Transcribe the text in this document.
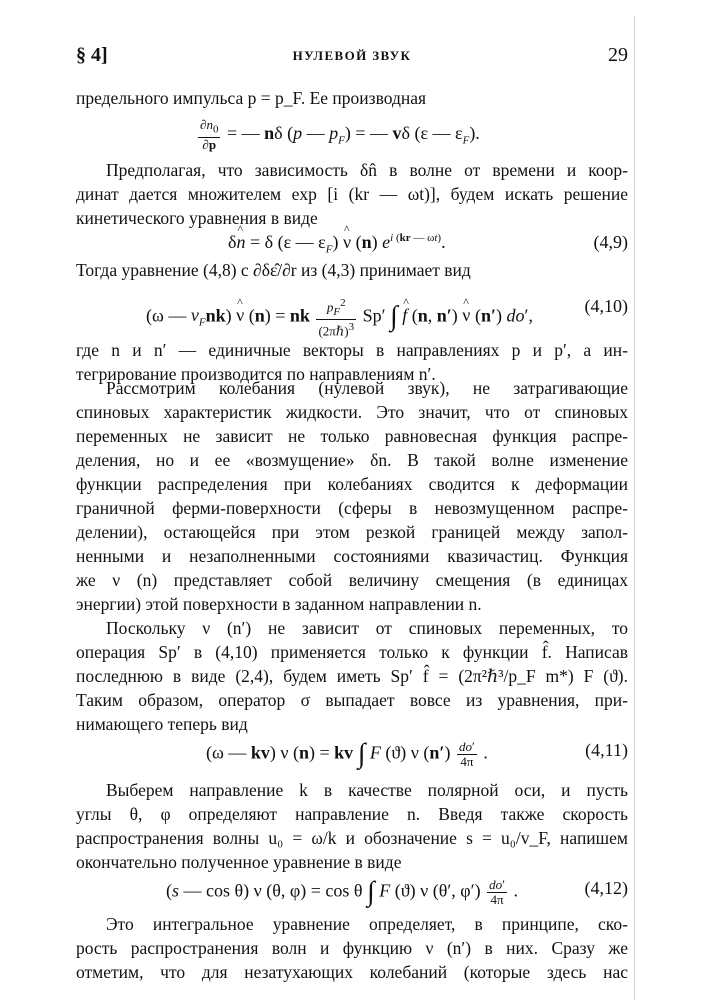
§ 4]	НУЛЕВОЙ ЗВУК	29
предельного импульса p = p_F. Ее производная
$\frac{\partial n_0}{\partial p}$ = — nδ (p — $p_F$) = — vδ (ε — $\varepsilon_F$).
Предполагая, что зависимость δn̂ в волне от времени и коор-
динат дается множителем exp [i (kr — ωt)], будем искать решение
кинетического уравнения в виде
δ^ n = δ (ε — $\varepsilon_F$) ^ ν (n) $e^{i (kr — \omega t)}$.	(4,9)
Тогда уравнение (4,8) с ∂δε̂/∂r из (4,3) принимает вид
(ω — $v_Fnk$) ^ ν (n) = nk $\frac{p_F^2}{(2\pi\hbar)^3} Sp'$ ∫ ^ f (n, n′) ^ ν (n′) do′,	(4,10)
где n и n′ — единичные векторы в направлениях p и p′, а ин-
тегрирование производится по направлениям n′.
Рассмотрим колебания (нулевой звук), не затрагивающие
спиновых характеристик жидкости. Это значит, что от спиновых
переменных не зависит не только равновесная функция распре-
деления, но и ее «возмущение» δn. В такой волне изменение
функции распределения при колебаниях сводится к деформации
граничной ферми-поверхности (сферы в невозмущенном распре-
делении), остающейся при этом резкой границей между запол-
ненными и незаполненными состояниями квазичастиц. Функция
же ν (n) представляет собой величину смещения (в единицах
энергии) этой поверхности в заданном направлении n.
Поскольку ν (n′) не зависит от спиновых переменных, то
операция Sp′ в (4,10) применяется только к функции f̂. Написав
последнюю в виде (2,4), будем иметь Sp′ f̂ = (2π²ℏ³/p_F m*) F (ϑ).
Таким образом, оператор σ выпадает вовсе из уравнения, при-
нимающего теперь вид
(ω — kv) ν (n) = kv ∫ F (ϑ) ν $(n') \frac{do'}{4\pi}$ .	(4,11)
Выберем направление k в качестве полярной оси, и пусть
углы θ, φ определяют направление n. Введя также скорость
распространения волны u₀ = ω/k и обозначение s = u₀/v_F, напишем
окончательно полученное уравнение в виде
(s — cos θ) ν (θ, φ) = cos θ ∫ F (ϑ) ν (θ′, $\varphi') \frac{do'}{4\pi}$ .	(4,12)
Это интегральное уравнение определяет, в принципе, ско-
рость распространения волн и функцию ν (n′) в них. Сразу же
отметим, что для незатухающих колебаний (которые здесь нас
